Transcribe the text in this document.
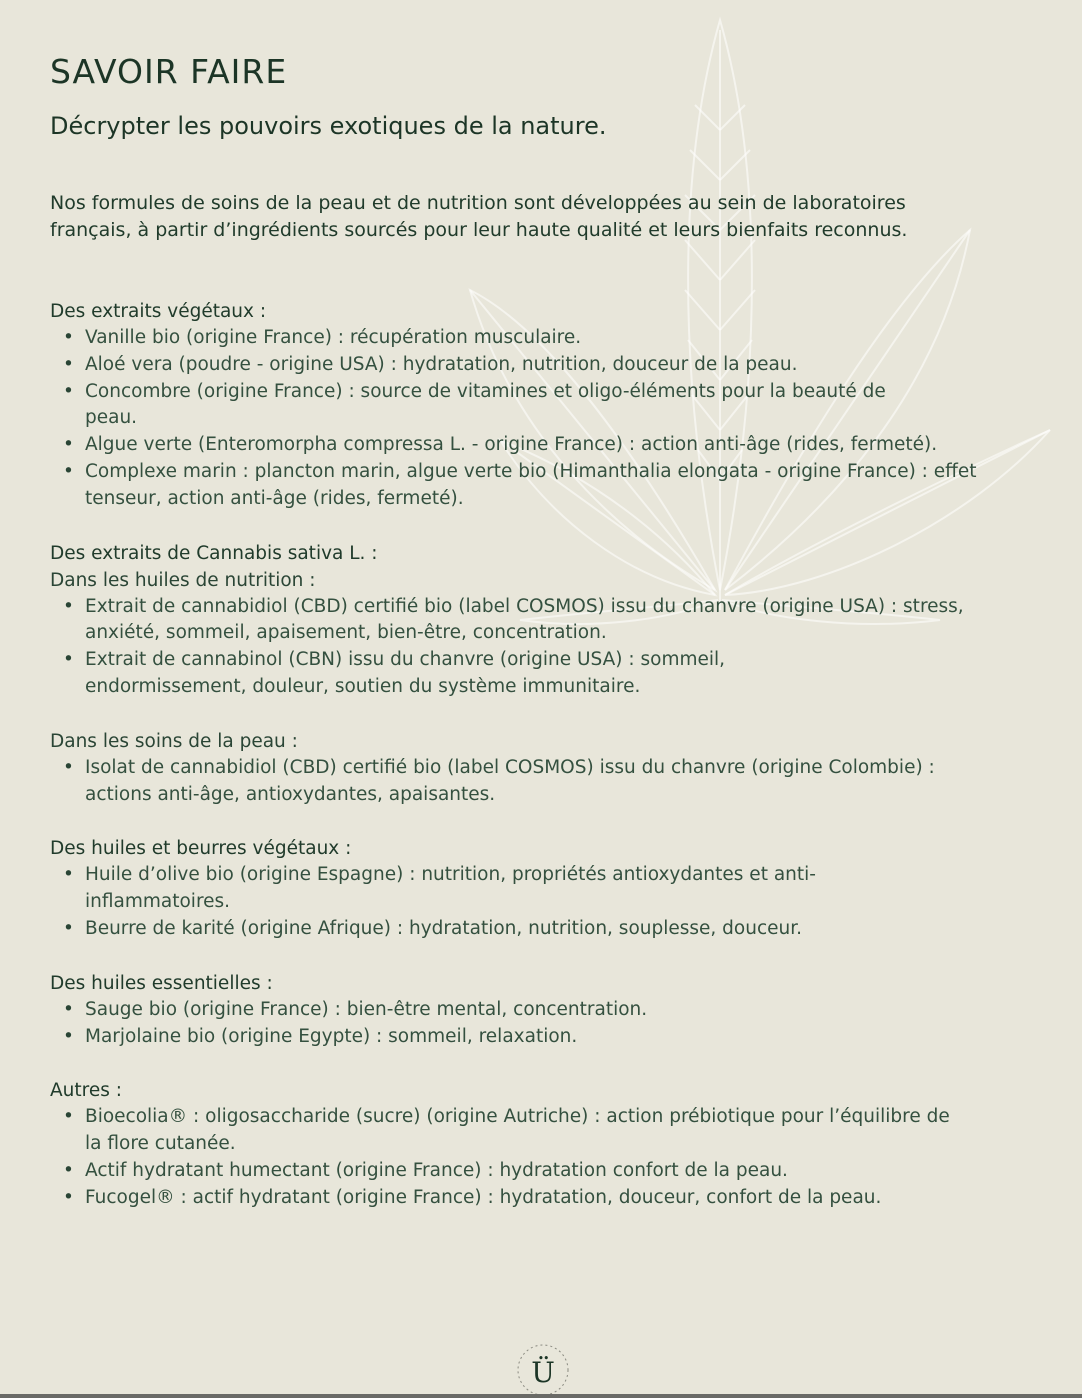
SAVOIR FAIRE
Décrypter les pouvoirs exotiques de la nature.

Nos formules de soins de la peau et de nutrition sont développées au sein de laboratoires français, à partir d’ingrédients sourcés pour leur haute qualité et leurs bienfaits reconnus.

Des extraits végétaux :
• Vanille bio (origine France) : récupération musculaire.
• Aloé vera (poudre - origine USA) : hydratation, nutrition, douceur de la peau.
• Concombre (origine France) : source de vitamines et oligo-éléments pour la beauté de peau.
• Algue verte (Enteromorpha compressa L. - origine France) : action anti-âge (rides, fermeté).
• Complexe marin : plancton marin, algue verte bio (Himanthalia elongata - origine France) : effet tenseur, action anti-âge (rides, fermeté).
Des extraits de Cannabis sativa L. :
Dans les huiles de nutrition :
• Extrait de cannabidiol (CBD) certifié bio (label COSMOS) issu du chanvre (origine USA) : stress, anxiété, sommeil, apaisement, bien-être, concentration.
• Extrait de cannabinol (CBN) issu du chanvre (origine USA) : sommeil, endormissement, douleur, soutien du système immunitaire.
Dans les soins de la peau :
• Isolat de cannabidiol (CBD) certifié bio (label COSMOS) issu du chanvre (origine Colombie) : actions anti-âge, antioxydantes, apaisantes.
Des huiles et beurres végétaux :
• Huile d’olive bio (origine Espagne) : nutrition, propriétés antioxydantes et anti-inflammatoires.
• Beurre de karité (origine Afrique) : hydratation, nutrition, souplesse, douceur.
Des huiles essentielles :
• Sauge bio (origine France) : bien-être mental, concentration.
• Marjolaine bio (origine Egypte) : sommeil, relaxation.
Autres :
• Bioecolia® : oligosaccharide (sucre) (origine Autriche) : action prébiotique pour l’équilibre de la flore cutanée.
• Actif hydratant humectant (origine France) : hydratation confort de la peau.
• Fucogel® : actif hydratant (origine France) : hydratation, douceur, confort de la peau.
Ü
